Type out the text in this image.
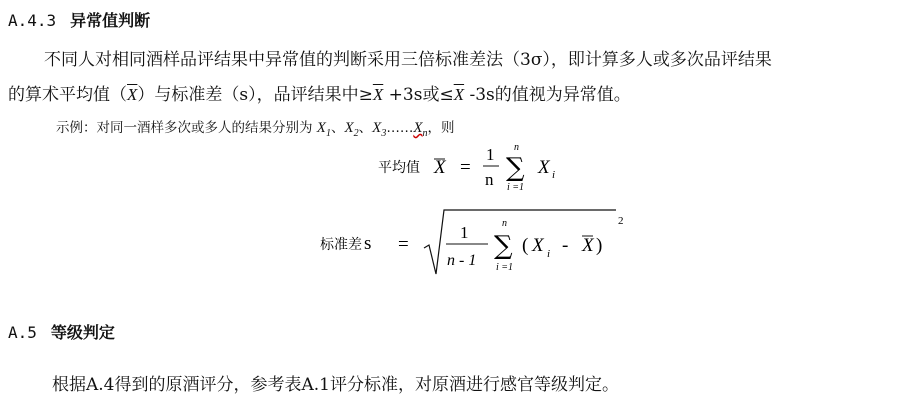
A.4.3 异常值判断
不同人对相同酒样品评结果中异常值的判断采用三倍标准差法（3σ），即计算多人或多次品评结果
的算术平均值$(\overline{X})$与标准差（s），品评结果中$\ge\overline{X} +3s$或$\le\overline{X}$ -3s的值视为异常值。
示例：对同一酒样多次或多人的结果分别为 $X_1$、$X_2$、$X_3\dots\dots X_n$，则
平均值 X =
1
n
n
∑
i =1
X i
标准差 s =
1
n - 1
n
∑
i =1
( X i - X )
2
A.5 等级判定
根据A.4得到的原酒评分，参考表A.1评分标准，对原酒进行感官等级判定。
